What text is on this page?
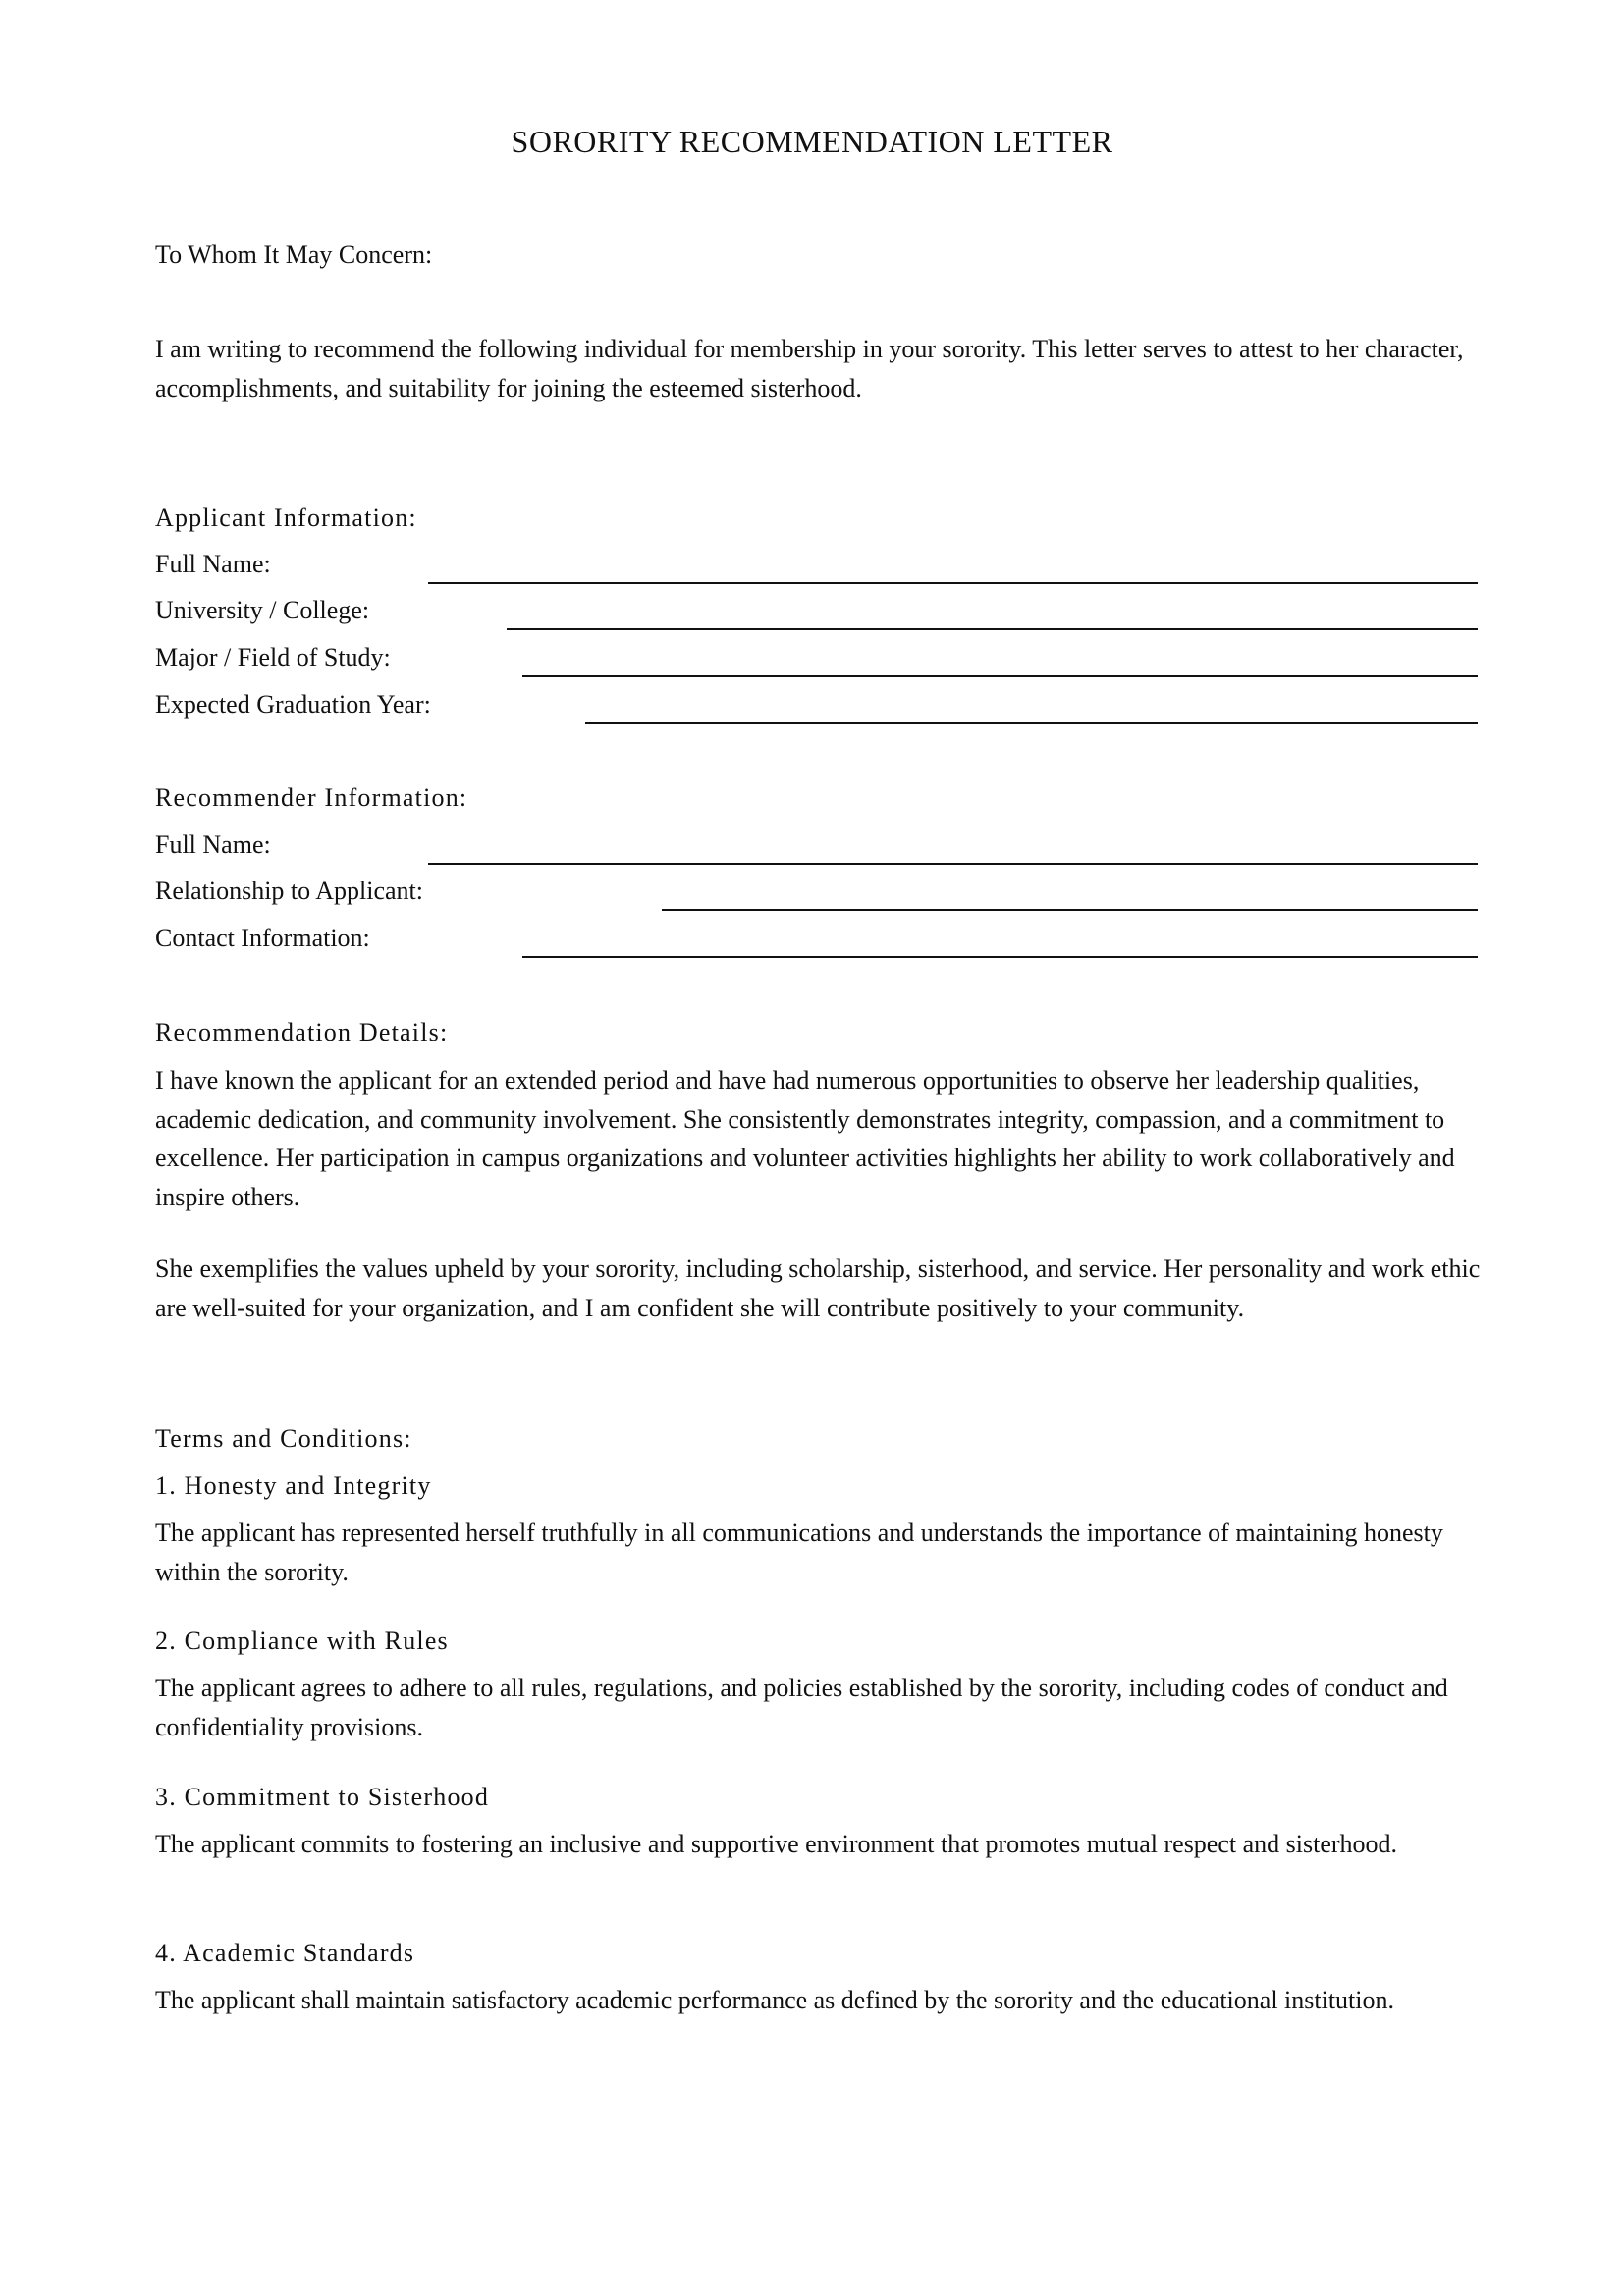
SORORITY RECOMMENDATION LETTER
To Whom It May Concern:
I am writing to recommend the following individual for membership in your sorority. This letter serves to attest to her character, accomplishments, and suitability for joining the esteemed sisterhood.
Applicant Information:
Full Name:
University / College:
Major / Field of Study:
Expected Graduation Year:
Recommender Information:
Full Name:
Relationship to Applicant:
Contact Information:
Recommendation Details:
I have known the applicant for an extended period and have had numerous opportunities to observe her leadership qualities, academic dedication, and community involvement. She consistently demonstrates integrity, compassion, and a commitment to excellence. Her participation in campus organizations and volunteer activities highlights her ability to work collaboratively and inspire others.
She exemplifies the values upheld by your sorority, including scholarship, sisterhood, and service. Her personality and work ethic are well-suited for your organization, and I am confident she will contribute positively to your community.
Terms and Conditions:
1. Honesty and Integrity
The applicant has represented herself truthfully in all communications and understands the importance of maintaining honesty within the sorority.
2. Compliance with Rules
The applicant agrees to adhere to all rules, regulations, and policies established by the sorority, including codes of conduct and confidentiality provisions.
3. Commitment to Sisterhood
The applicant commits to fostering an inclusive and supportive environment that promotes mutual respect and sisterhood.
4. Academic Standards
The applicant shall maintain satisfactory academic performance as defined by the sorority and the educational institution.
